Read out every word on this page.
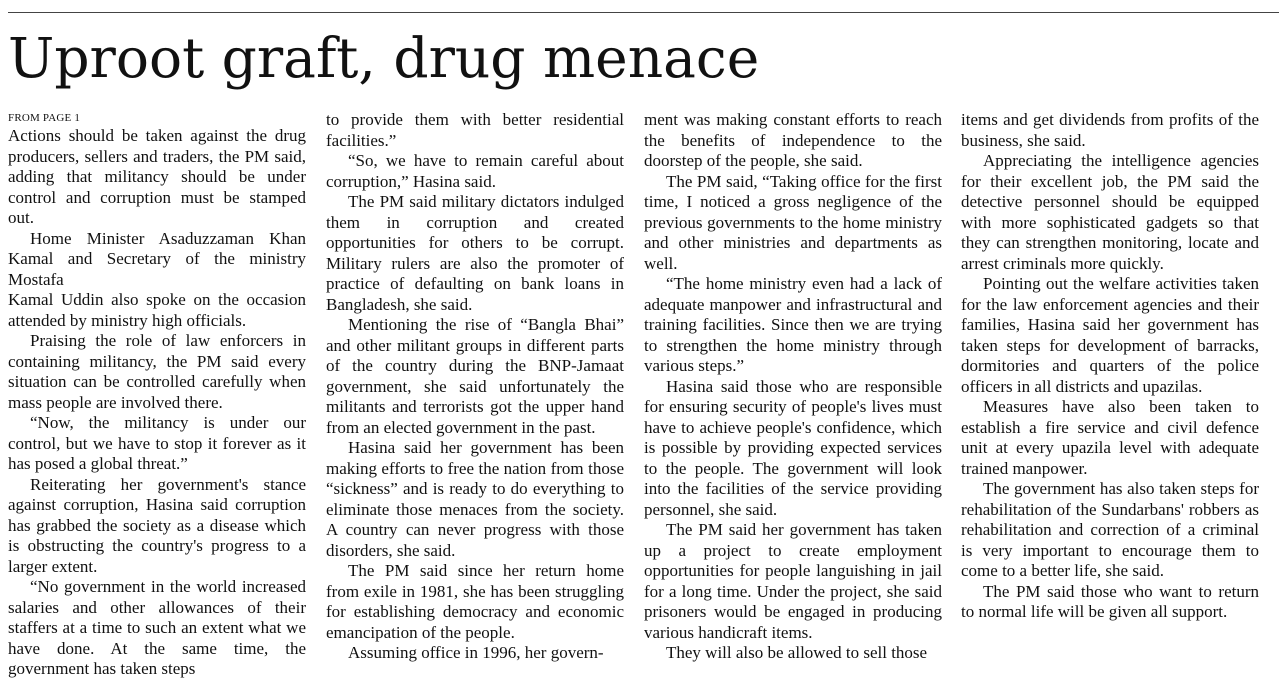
Uproot graft, drug menace
FROM PAGE 1

Actions should be taken against the drug producers, sellers and traders, the PM said, adding that militancy should be under control and corruption must be stamped out.

Home Minister Asaduzzaman Khan Kamal and Secretary of the ministry Mostafa

Kamal Uddin also spoke on the occasion attended by ministry high officials.

Praising the role of law enforcers in containing militancy, the PM said every situation can be controlled carefully when mass people are involved there.

“Now, the militancy is under our control, but we have to stop it forever as it has posed a global threat.”

Reiterating her government's stance against corruption, Hasina said corruption has grabbed the society as a disease which is obstructing the country's progress to a larger extent.

“No government in the world increased salaries and other allowances of their staffers at a time to such an extent what we have done. At the same time, the government has taken steps

to provide them with better residential facilities.”

“So, we have to remain careful about corruption,” Hasina said.

The PM said military dictators indulged them in corruption and created opportunities for others to be corrupt. Military rulers are also the promoter of practice of defaulting on bank loans in Bangladesh, she said.

Mentioning the rise of “Bangla Bhai” and other militant groups in different parts of the country during the BNP-Jamaat government, she said unfortunately the militants and terrorists got the upper hand from an elected government in the past.

Hasina said her government has been making efforts to free the nation from those “sickness” and is ready to do everything to eliminate those menaces from the society. A country can never progress with those disorders, she said.

The PM said since her return home from exile in 1981, she has been struggling for establishing democracy and economic emancipation of the people.

Assuming office in 1996, her govern-

ment was making constant efforts to reach the benefits of independence to the doorstep of the people, she said.

The PM said, “Taking office for the first time, I noticed a gross negligence of the previous governments to the home ministry and other ministries and departments as well.

“The home ministry even had a lack of adequate manpower and infrastructural and training facilities. Since then we are trying to strengthen the home ministry through various steps.”

Hasina said those who are responsible for ensuring security of people's lives must have to achieve people's confidence, which is possible by providing expected services to the people. The government will look into the facilities of the service providing personnel, she said.

The PM said her government has taken up a project to create employment opportunities for people languishing in jail for a long time. Under the project, she said prisoners would be engaged in producing various handicraft items.

They will also be allowed to sell those

items and get dividends from profits of the business, she said.

Appreciating the intelligence agencies for their excellent job, the PM said the detective personnel should be equipped with more sophisticated gadgets so that they can strengthen monitoring, locate and arrest criminals more quickly.

Pointing out the welfare activities taken for the law enforcement agencies and their families, Hasina said her government has taken steps for development of barracks, dormitories and quarters of the police officers in all districts and upazilas.

Measures have also been taken to establish a fire service and civil defence unit at every upazila level with adequate trained manpower.

The government has also taken steps for rehabilitation of the Sundarbans' robbers as rehabilitation and correction of a criminal is very important to encourage them to come to a better life, she said.

The PM said those who want to return to normal life will be given all support.
